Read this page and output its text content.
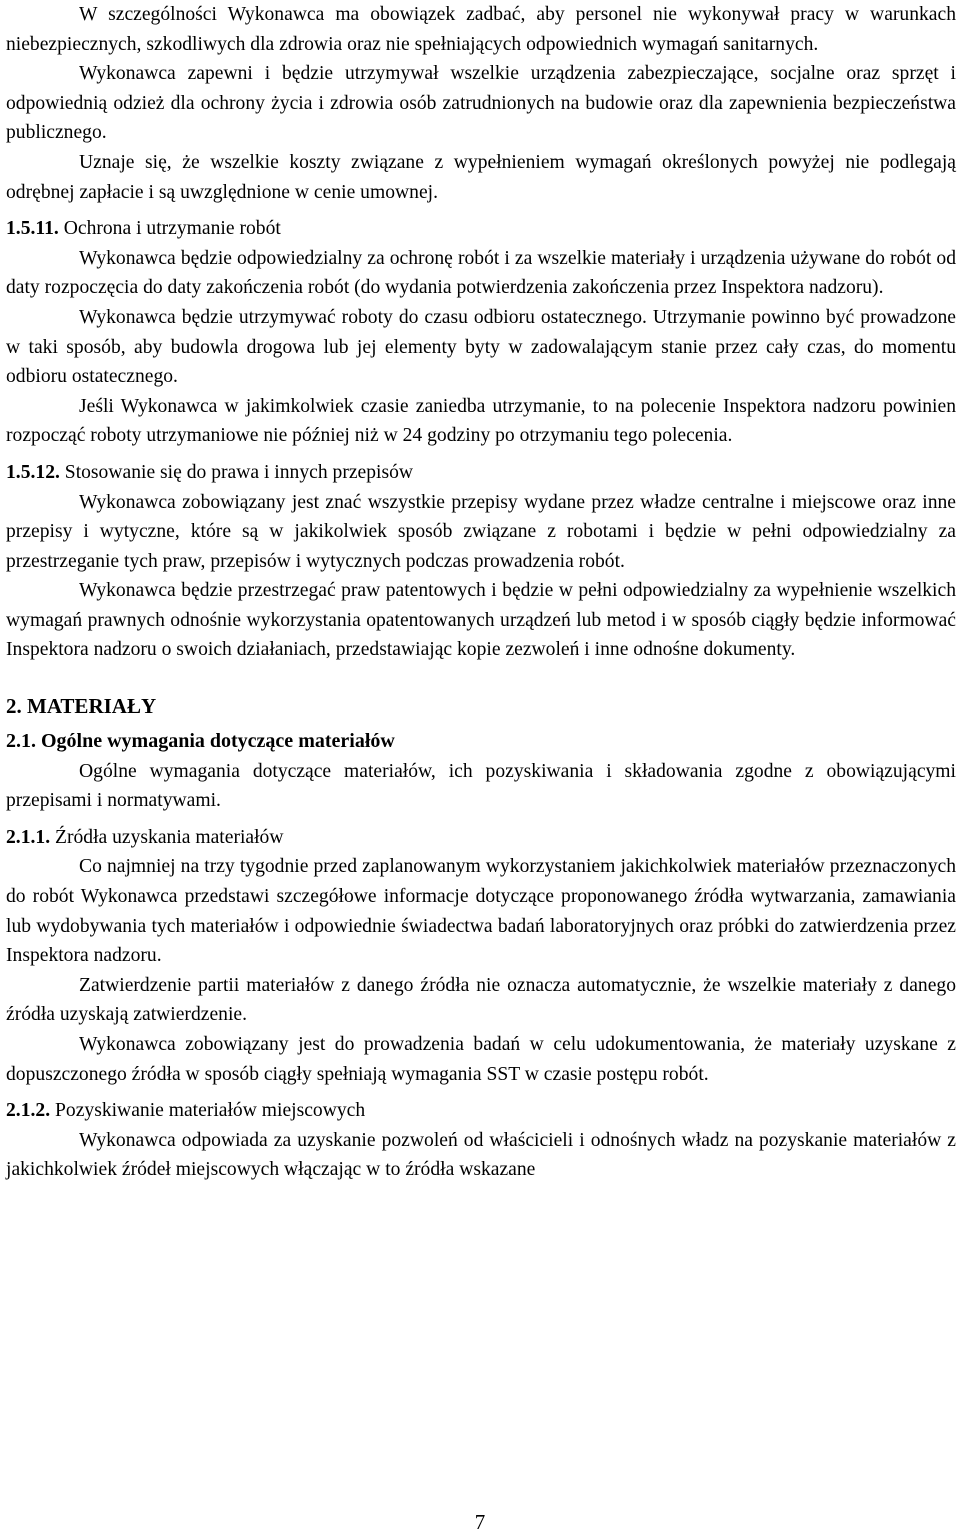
W szczególności Wykonawca ma obowiązek zadbać, aby personel nie wykonywał pracy w warunkach niebezpiecznych, szkodliwych dla zdrowia oraz nie spełniających odpowiednich wymagań sanitarnych.

Wykonawca zapewni i będzie utrzymywał wszelkie urządzenia zabezpieczające, socjalne oraz sprzęt i odpowiednią odzież dla ochrony życia i zdrowia osób zatrudnionych na budowie oraz dla zapewnienia bezpieczeństwa publicznego.

Uznaje się, że wszelkie koszty związane z wypełnieniem wymagań określonych powyżej nie podlegają odrębnej zapłacie i są uwzględnione w cenie umownej.

1.5.11. Ochrona i utrzymanie robót

Wykonawca będzie odpowiedzialny za ochronę robót i za wszelkie materiały i urządzenia używane do robót od daty rozpoczęcia do daty zakończenia robót (do wydania potwierdzenia zakończenia przez Inspektora nadzoru).

Wykonawca będzie utrzymywać roboty do czasu odbioru ostatecznego. Utrzymanie powinno być prowadzone w taki sposób, aby budowla drogowa lub jej elementy byty w zadowalającym stanie przez cały czas, do momentu odbioru ostatecznego.

Jeśli Wykonawca w jakimkolwiek czasie zaniedba utrzymanie, to na polecenie Inspektora nadzoru powinien rozpocząć roboty utrzymaniowe nie później niż w 24 godziny po otrzymaniu tego polecenia.

1.5.12. Stosowanie się do prawa i innych przepisów

Wykonawca zobowiązany jest znać wszystkie przepisy wydane przez władze centralne i miejscowe oraz inne przepisy i wytyczne, które są w jakikolwiek sposób związane z robotami i będzie w pełni odpowiedzialny za przestrzeganie tych praw, przepisów i wytycznych podczas prowadzenia robót.

Wykonawca będzie przestrzegać praw patentowych i będzie w pełni odpowiedzialny za wypełnienie wszelkich wymagań prawnych odnośnie wykorzystania opatentowanych urządzeń lub metod i w sposób ciągły będzie informować Inspektora nadzoru o swoich działaniach, przedstawiając kopie zezwoleń i inne odnośne dokumenty.

2. MATERIAŁY

2.1. Ogólne wymagania dotyczące materiałów

Ogólne wymagania dotyczące materiałów, ich pozyskiwania i składowania zgodne z obowiązującymi przepisami i normatywami.

2.1.1. Źródła uzyskania materiałów

Co najmniej na trzy tygodnie przed zaplanowanym wykorzystaniem jakichkolwiek materiałów przeznaczonych do robót Wykonawca przedstawi szczegółowe informacje dotyczące proponowanego źródła wytwarzania, zamawiania lub wydobywania tych materiałów i odpowiednie świadectwa badań laboratoryjnych oraz próbki do zatwierdzenia przez Inspektora nadzoru.

Zatwierdzenie partii materiałów z danego źródła nie oznacza automatycznie, że wszelkie materiały z danego źródła uzyskają zatwierdzenie.

Wykonawca zobowiązany jest do prowadzenia badań w celu udokumentowania, że materiały uzyskane z dopuszczonego źródła w sposób ciągły spełniają wymagania SST w czasie postępu robót.

2.1.2. Pozyskiwanie materiałów miejscowych

Wykonawca odpowiada za uzyskanie pozwoleń od właścicieli i odnośnych władz na pozyskanie materiałów z jakichkolwiek źródeł miejscowych włączając w to źródła wskazane

7
